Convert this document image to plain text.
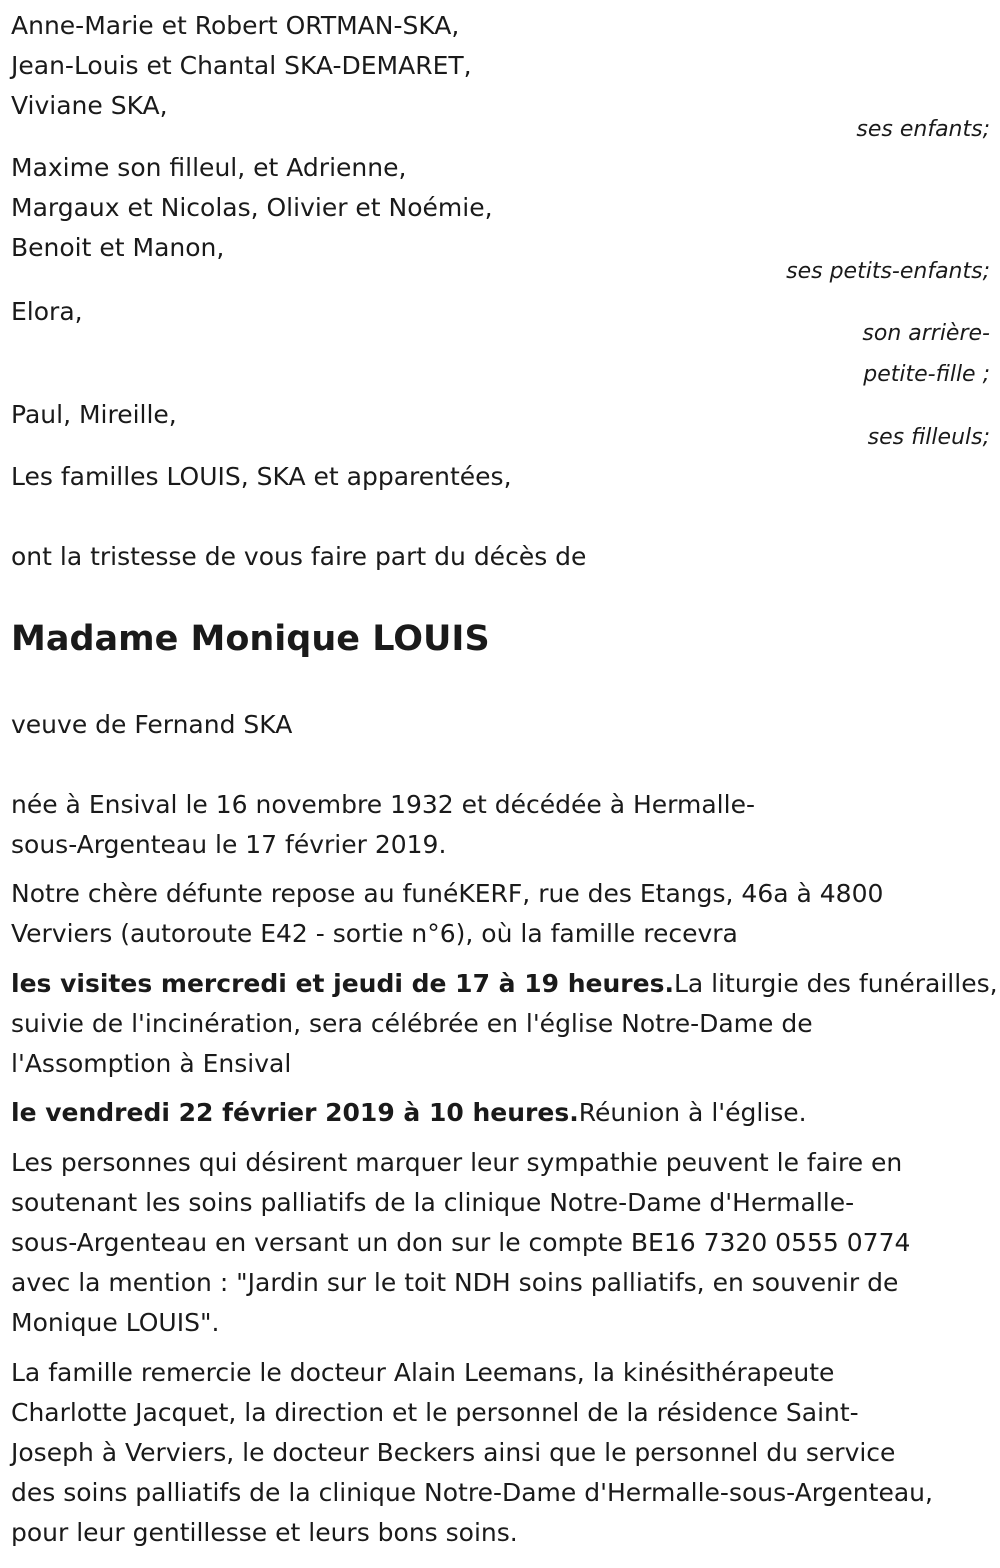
Anne-Marie et Robert ORTMAN-SKA,
Jean-Louis et Chantal SKA-DEMARET,
Viviane SKA,
ses enfants;
Maxime son filleul, et Adrienne,
Margaux et Nicolas, Olivier et Noémie,
Benoit et Manon,
ses petits-enfants;
Elora,
son arrière-
petite-fille ;
Paul, Mireille,
ses filleuls;
Les familles LOUIS, SKA et apparentées,
ont la tristesse de vous faire part du décès de
Madame Monique LOUIS
veuve de Fernand SKA
née à Ensival le 16 novembre 1932 et décédée à Hermalle-
sous-Argenteau le 17 février 2019.
Notre chère défunte repose au funéKERF, rue des Etangs, 46a à 4800
Verviers (autoroute E42 - sortie n°6), où la famille recevra
les visites mercredi et jeudi de 17 à 19 heures.La liturgie des funérailles,
suivie de l'incinération, sera célébrée en l'église Notre-Dame de
l'Assomption à Ensival
le vendredi 22 février 2019 à 10 heures.Réunion à l'église.
Les personnes qui désirent marquer leur sympathie peuvent le faire en
soutenant les soins palliatifs de la clinique Notre-Dame d'Hermalle-
sous-Argenteau en versant un don sur le compte BE16 7320 0555 0774
avec la mention : "Jardin sur le toit NDH soins palliatifs, en souvenir de
Monique LOUIS".
La famille remercie le docteur Alain Leemans, la kinésithérapeute
Charlotte Jacquet, la direction et le personnel de la résidence Saint-
Joseph à Verviers, le docteur Beckers ainsi que le personnel du service
des soins palliatifs de la clinique Notre-Dame d'Hermalle-sous-Argenteau,
pour leur gentillesse et leurs bons soins.
